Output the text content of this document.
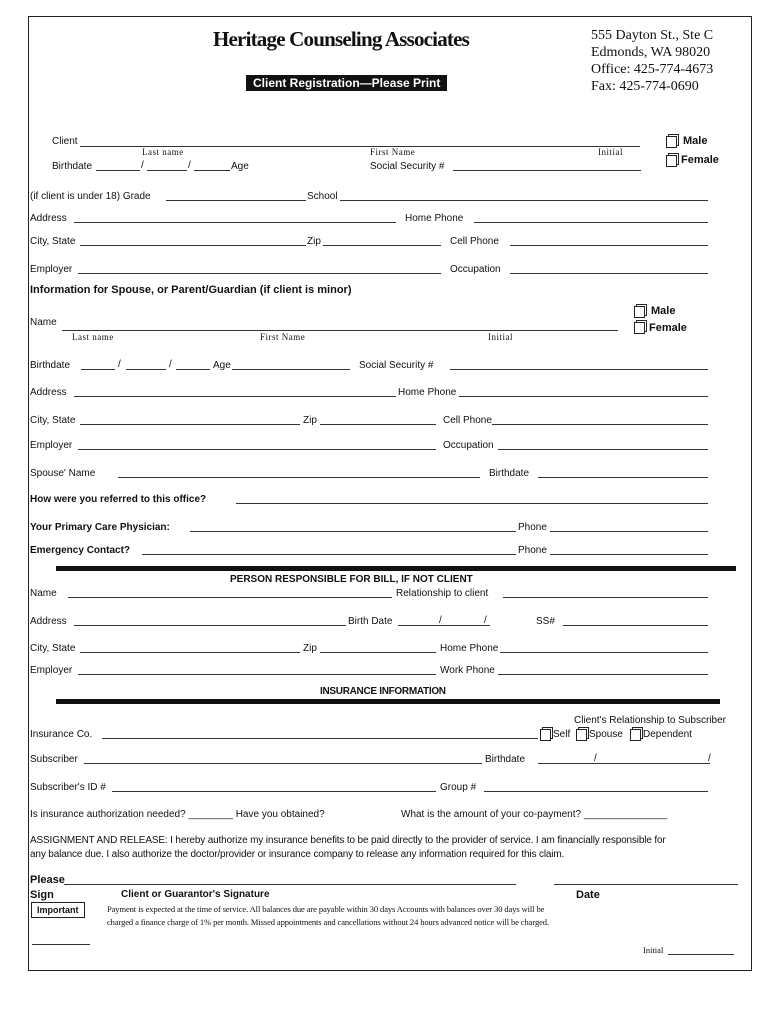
Heritage Counseling Associates
Client Registration—Please Print
555 Dayton St., Ste C
Edmonds, WA 98020
Office: 425-774-4673
Fax: 425-774-0690
Client
Last name	First Name	Initial
Male
Female
Birthdate	/	/	Age	Social Security #
(if client is under 18) Grade	School
Address	Home Phone
City, State	Zip	Cell Phone
Employer	Occupation
Information for Spouse, or Parent/Guardian (if client is minor)
Name
Last name	First Name	Initial
Male
Female
Birthdate	/	/	Age	Social Security #
Address	Home Phone
City, State	Zip	Cell Phone
Employer	Occupation
Spouse' Name	Birthdate
How were you referred to this office?
Your Primary Care Physician:	Phone
Emergency Contact?	Phone
PERSON RESPONSIBLE FOR BILL, IF NOT CLIENT
Name	Relationship to client
Address	Birth Date	/	/	SS#
City, State	Zip	Home Phone
Employer	Work Phone
INSURANCE INFORMATION
Client's Relationship to Subscriber
Insurance Co.	Self Spouse Dependent
Subscriber	Birthdate	/	/
Subscriber's ID #	Group #
Is insurance authorization needed? ________ Have you obtained?	What is the amount of your co-payment? _______________
ASSIGNMENT AND RELEASE: I hereby authorize my insurance benefits to be paid directly to the provider of service. I am financially responsible for
any balance due. I also authorize the doctor/provider or insurance company to release any information required for this claim.
Please
Sign	Client or Guarantor's Signature	Date
Important	Payment is expected at the time of service. All balances due are payable within 30 days Accounts with balances over 30 days will be
charged a finance charge of 1% per month. Missed appointments and cancellations without 24 hours advanced notice will be charged.
Initial
